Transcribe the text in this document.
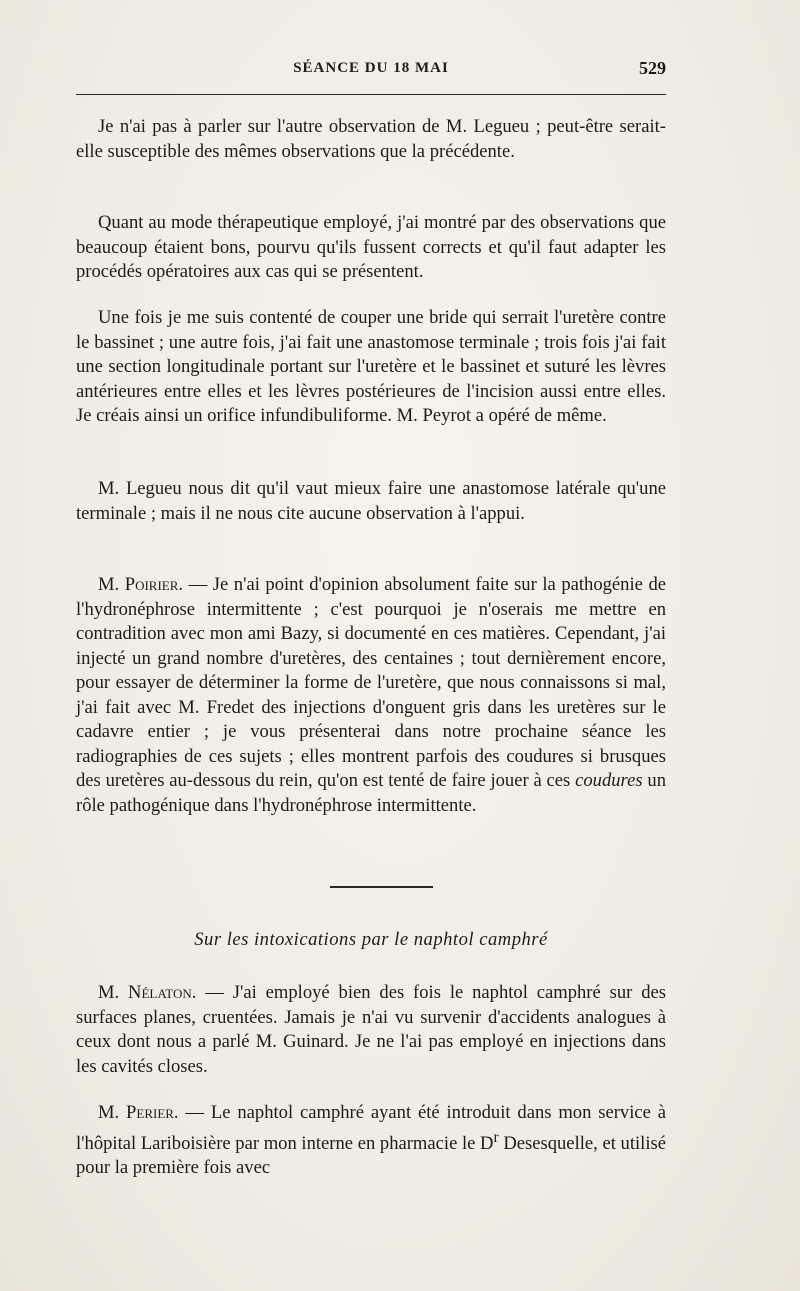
SÉANCE DU 18 MAI	529

Je n'ai pas à parler sur l'autre observation de M. Legueu ; peut-être serait-elle susceptible des mêmes observations que la précédente.

Quant au mode thérapeutique employé, j'ai montré par des observations que beaucoup étaient bons, pourvu qu'ils fussent corrects et qu'il faut adapter les procédés opératoires aux cas qui se présentent.

Une fois je me suis contenté de couper une bride qui serrait l'uretère contre le bassinet ; une autre fois, j'ai fait une anastomose terminale ; trois fois j'ai fait une section longitudinale portant sur l'uretère et le bassinet et suturé les lèvres antérieures entre elles et les lèvres postérieures de l'incision aussi entre elles. Je créais ainsi un orifice infundibuliforme. M. Peyrot a opéré de même.

M. Legueu nous dit qu'il vaut mieux faire une anastomose latérale qu'une terminale ; mais il ne nous cite aucune observation à l'appui.

M. Poirier. — Je n'ai point d'opinion absolument faite sur la pathogénie de l'hydronéphrose intermittente ; c'est pourquoi je n'oserais me mettre en contradition avec mon ami Bazy, si documenté en ces matières. Cependant, j'ai injecté un grand nombre d'uretères, des centaines ; tout dernièrement encore, pour essayer de déterminer la forme de l'uretère, que nous connaissons si mal, j'ai fait avec M. Fredet des injections d'onguent gris dans les uretères sur le cadavre entier ; je vous présenterai dans notre prochaine séance les radiographies de ces sujets ; elles montrent parfois des coudures si brusques des uretères au-dessous du rein, qu'on est tenté de faire jouer à ces coudures un rôle pathogénique dans l'hydronéphrose intermittente.

Sur les intoxications par le naphtol camphré

M. Nélaton. — J'ai employé bien des fois le naphtol camphré sur des surfaces planes, cruentées. Jamais je n'ai vu survenir d'accidents analogues à ceux dont nous a parlé M. Guinard. Je ne l'ai pas employé en injections dans les cavités closes.

M. Perier. — Le naphtol camphré ayant été introduit dans mon service à l'hôpital Lariboisière par mon interne en pharmacie le $D^r$ Desesquelle, et utilisé pour la première fois avec
